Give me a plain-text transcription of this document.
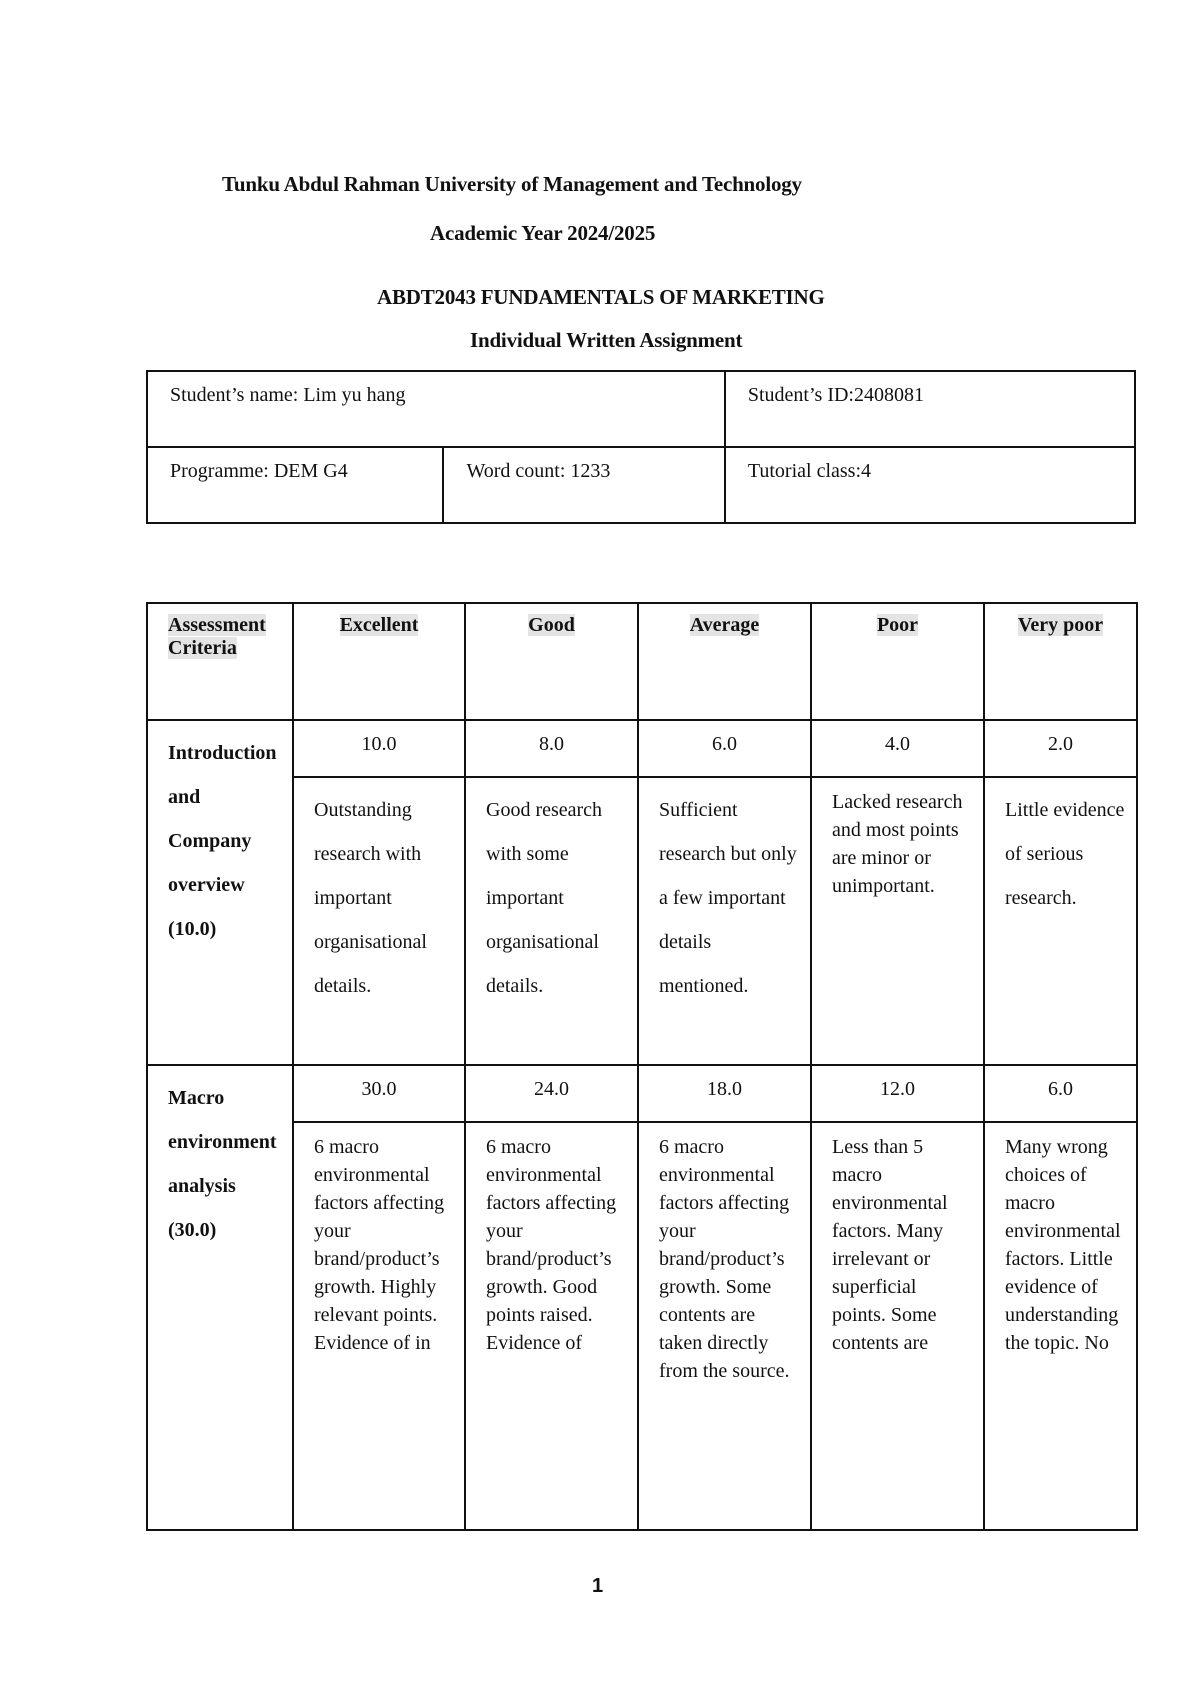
Tunku Abdul Rahman University of Management and Technology
Academic Year 2024/2025
ABDT2043 FUNDAMENTALS OF MARKETING
Individual Written Assignment
Student’s name: Lim yu hang		Student’s ID:2408081
Programme: DEM G4	Word count: 1233	Tutorial class:4
Assessment Criteria	Excellent	Good	Average	Poor	Very poor

Introduction and Company overview (10.0)	10.0	8.0	6.0	4.0	2.0

	Outstanding research with important organisational details.	Good research with some important organisational details.	Sufficient research but only a few important details mentioned.	Lacked research and most points are minor or unimportant.	Little evidence of serious research.

Macro environment analysis (30.0)	30.0	24.0	18.0	12.0	6.0

	6 macro environmental factors affecting your brand/product’s growth. Highly relevant points. Evidence of in	6 macro environmental factors affecting your brand/product’s growth. Good points raised. Evidence of	6 macro environmental factors affecting your brand/product’s growth. Some contents are taken directly from the source.	Less than 5 macro environmental factors. Many irrelevant or superficial points. Some contents are	Many wrong choices of macro environmental factors. Little evidence of understanding the topic. No
1
